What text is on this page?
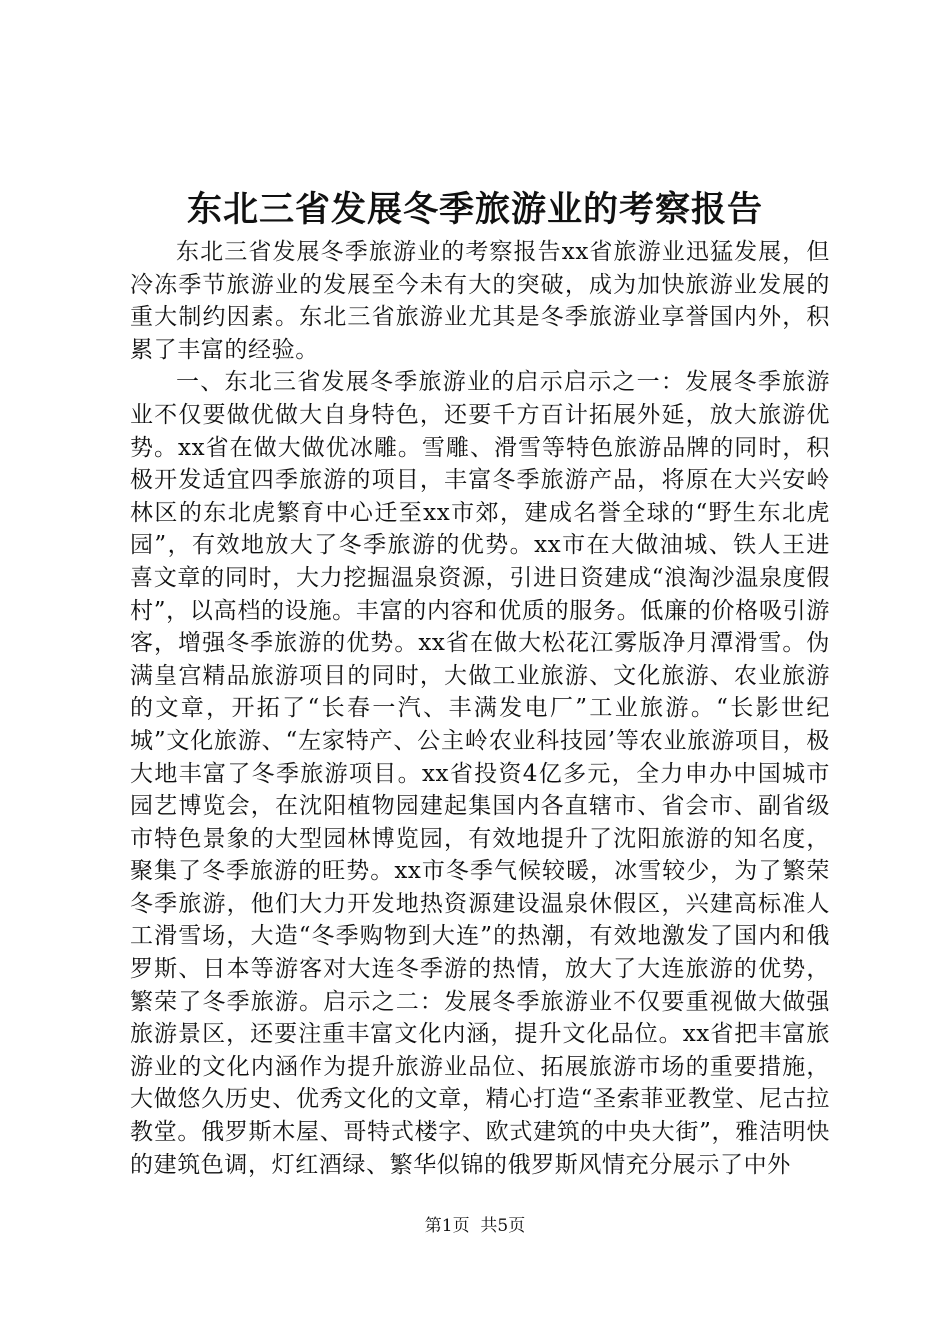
东北三省发展冬季旅游业的考察报告

东北三省发展冬季旅游业的考察报告xx省旅游业迅猛发展，但冷冻季节旅游业的发展至今未有大的突破，成为加快旅游业发展的重大制约因素。东北三省旅游业尤其是冬季旅游业享誉国内外，积累了丰富的经验。

一、东北三省发展冬季旅游业的启示启示之一：发展冬季旅游业不仅要做优做大自身特色，还要千方百计拓展外延，放大旅游优势。xx省在做大做优冰雕。雪雕、滑雪等特色旅游品牌的同时，积极开发适宜四季旅游的项目，丰富冬季旅游产品，将原在大兴安岭林区的东北虎繁育中心迁至xx市郊，建成名誉全球的“野生东北虎园”，有效地放大了冬季旅游的优势。xx市在大做油城、铁人王进喜文章的同时，大力挖掘温泉资源，引进日资建成“浪淘沙温泉度假村”，以高档的设施。丰富的内容和优质的服务。低廉的价格吸引游客，增强冬季旅游的优势。xx省在做大松花江雾版净月潭滑雪。伪满皇宫精品旅游项目的同时，大做工业旅游、文化旅游、农业旅游的文章，开拓了“长春一汽、丰满发电厂”工业旅游。“长影世纪城”文化旅游、“左家特产、公主岭农业科技园’等农业旅游项目，极大地丰富了冬季旅游项目。xx省投资4亿多元，全力申办中国城市园艺博览会，在沈阳植物园建起集国内各直辖市、省会市、副省级市特色景象的大型园林博览园，有效地提升了沈阳旅游的知名度，聚集了冬季旅游的旺势。xx市冬季气候较暖，冰雪较少，为了繁荣冬季旅游，他们大力开发地热资源建设温泉休假区，兴建高标准人工滑雪场，大造“冬季购物到大连”的热潮，有效地激发了国内和俄罗斯、日本等游客对大连冬季游的热情，放大了大连旅游的优势，繁荣了冬季旅游。启示之二：发展冬季旅游业不仅要重视做大做强旅游景区，还要注重丰富文化内涵，提升文化品位。xx省把丰富旅游业的文化内涵作为提升旅游业品位、拓展旅游市场的重要措施，大做悠久历史、优秀文化的文章，精心打造“圣索菲亚教堂、尼古拉教堂。俄罗斯木屋、哥特式楼字、欧式建筑的中央大街”，雅洁明快的建筑色调，灯红酒绿、繁华似锦的俄罗斯风情充分展示了中外

第1页 共5页
